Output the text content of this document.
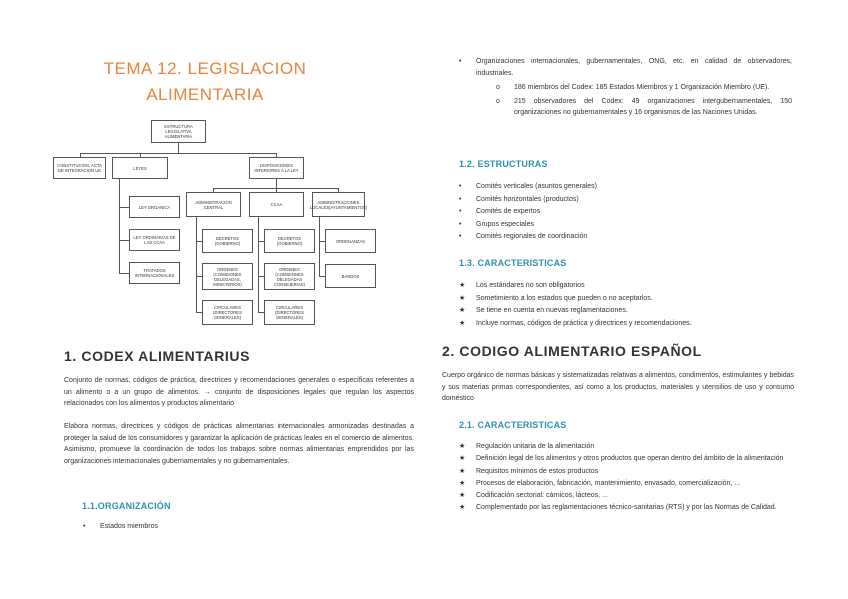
TEMA 12. LEGISLACION
ALIMENTARIA
ESTRUCTURA LEGISLATIVA ALIMENTARIA
CONSTITUCION, ACTA DE INTEGRACION UE	LEYES	DISPOSICIONES INFERIORES A LA LEY
LEY ORGANICA
LEY ORDINARIAS DE LAS CCAA
TRATADOS INTERNACIONALES
ADMINISTRACION CENTRAL	CCAA	ADMINISTRACIONES LOCALES(AYUNTAMIENTOS)
DECRETOS (GOBIERNO)
ORDENES (COMISIONES DELEGADAS, MINISTERIOS)
CIRCULARES (DIRECTORES GENERALES)
DECRETOS (GOBIERNO)
ORDENES (COMISIONES DELEGADAS CONSEJERIAS)
CIRCULARES (DIRECTORES GENERALES)
ORDENANZAS
BANDOS
1. CODEX ALIMENTARIUS
Conjunto de normas, códigos de práctica, directrices y recomendaciones generales o específicas referentes a un alimento o a un grupo de alimentos. → conjunto de disposiciones legales que regulan los aspectos relacionados con los alimentos y productos alimentario
Elabora normas, directrices y códigos de prácticas alimentarias internacionales armonizadas destinadas a proteger la salud de los consumidores y garantizar la aplicación de prácticas leales en el comercio de alimentos. Asimismo, promueve la coordinación de todos los trabajos sobre normas alimentarias emprendidos por las organizaciones internacionales gubernamentales y no gubernamentales.
1.1.ORGANIZACIÓN
• Estados miembros
• Organizaciones internacionales, gubernamentales, ONG, etc. en calidad de observadores, industriales.
o 186 miembros del Codex: 185 Estados Miembros y 1 Organización Miembro (UE).
o 215 observadores del Codex: 49 organizaciones intergubernamentales, 150 organizaciones no gubernamentales y 16 organismos de las Naciones Unidas.
1.2. ESTRUCTURAS
• Comités verticales (asuntos generales)
• Comités horizontales (productos)
• Comités de expertos
• Grupos especiales
• Comités regionales de coordinación
1.3. CARACTERISTICAS
★ Los estándares no son obligatorios
★ Sometimiento a los estados que pueden o no aceptarlos.
★ Se tiene en cuenta en nuevas reglamentaciones.
★ Incluye normas, códigos de práctica y directrices y recomendaciones.
2. CODIGO ALIMENTARIO ESPAÑOL
Cuerpo orgánico de normas básicas y sistematizadas relativas a alimentos, condimentos, estimulantes y bebidas y sus materias primas correspondientes, así como a los productos, materiales y utensilios de uso y consumo doméstico
2.1. CARACTERISTICAS
★ Regulación unitaria de la alimentación
★ Definición legal de los alimentos y otros productos que operan dentro del ámbito de la alimentación
★ Requisitos mínimos de estos productos
★ Procesos de elaboración, fabricación, mantenimiento, envasado, comercialización, ...
★ Codificación sectorial: cárnicos, lácteos, ...
★ Complementado por las reglamentaciones técnico-sanitarias (RTS) y por las Normas de Calidad.
